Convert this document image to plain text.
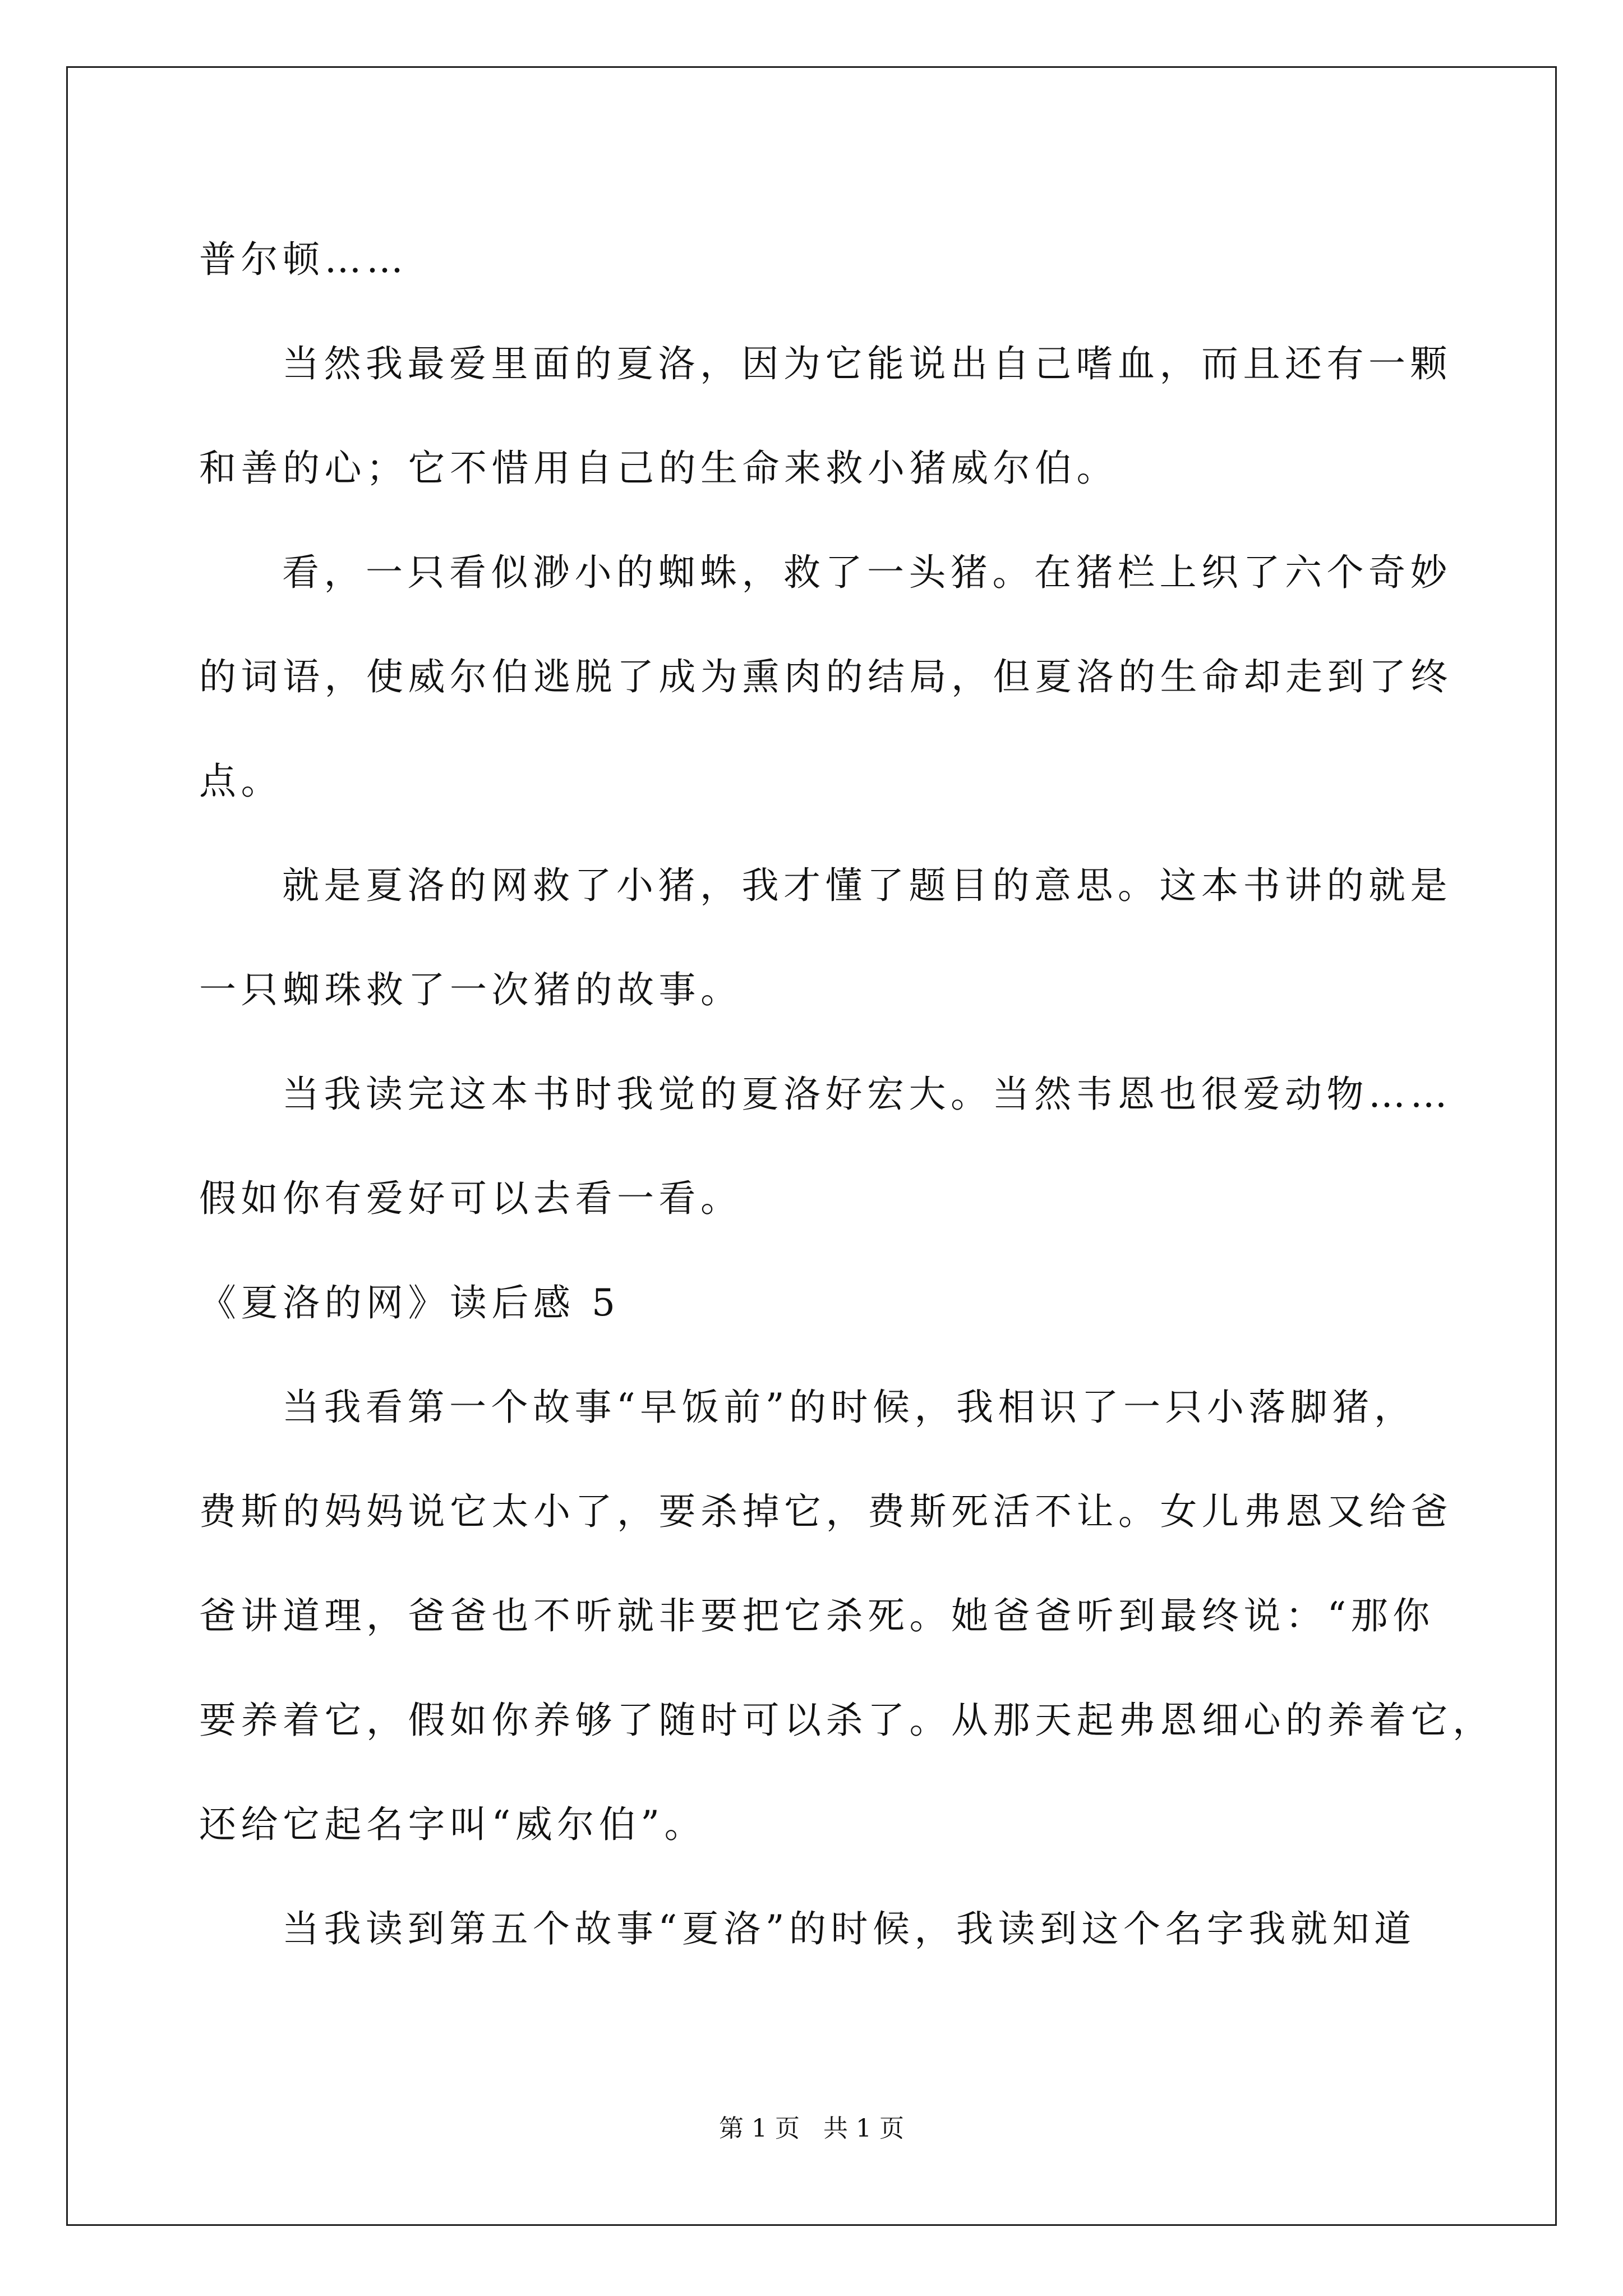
普尔顿……
当然我最爱里面的夏洛，因为它能说出自己嗜血，而且还有一颗
和善的心；它不惜用自己的生命来救小猪威尔伯。
看，一只看似渺小的蜘蛛，救了一头猪。在猪栏上织了六个奇妙
的词语，使威尔伯逃脱了成为熏肉的结局，但夏洛的生命却走到了终
点。
就是夏洛的网救了小猪，我才懂了题目的意思。这本书讲的就是
一只蜘珠救了一次猪的故事。
当我读完这本书时我觉的夏洛好宏大。当然韦恩也很爱动物……
假如你有爱好可以去看一看。
《夏洛的网》读后感 5
当我看第一个故事“早饭前”的时候，我相识了一只小落脚猪，
费斯的妈妈说它太小了，要杀掉它，费斯死活不让。女儿弗恩又给爸
爸讲道理，爸爸也不听就非要把它杀死。她爸爸听到最终说：“那你
要养着它，假如你养够了随时可以杀了。从那天起弗恩细心的养着它，
还给它起名字叫“威尔伯”。
当我读到第五个故事“夏洛”的时候，我读到这个名字我就知道
第 1 页   共 1 页
